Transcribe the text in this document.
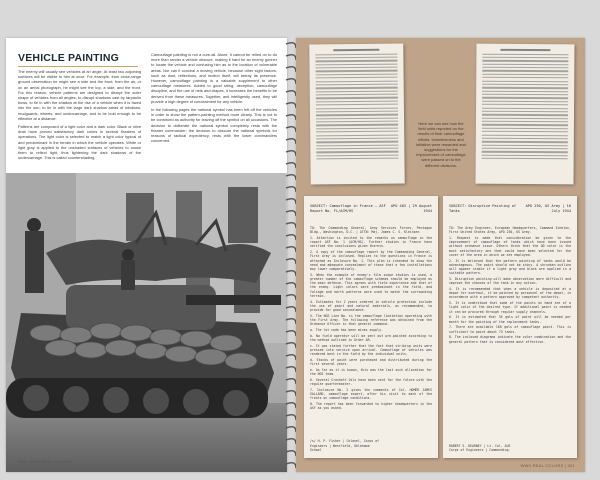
VEHICLE PAINTING

The enemy will usually see vehicles at an angle. At least two adjoining surfaces will be visible to him at once. For example, from close-range ground observation he might see a side and the front; from the air, or on an aerial photograph, he might see the top, a side, and the front. For this reason, vehicle patterns are designed to disrupt the outer shape of vehicles from all angles, to disrupt shadows cast by tarpaulin bows, to tie in with the shadow at the rise of a vehicle when it is faced into the sun, to tie in with the large dark shadow areas of windows, mudguards, wheels, and undercarriage, and to be bold enough to be effective at a distance.

Patterns are composed of a light color and a dark color. Black or olive drab have proved satisfactory dark colors in several theaters of operations. The light color is selected to match a light color typical of and predominant in the terrain in which the vehicle operates. White or light gray is applied to the unshaded surfaces of vehicles to cause them to reflect light, thus lightening the dark shadows of the undercarriage. This is called countershading.

Camouflage painting is not a cure-all. Alone, it cannot be relied on to do more than render a vehicle obscure, making it hard for an enemy gunner to locate the vehicle and confusing him as to the location of vulnerable areas. Nor can it conceal a moving vehicle, because other sight factors, such as dust, reflections, and motion itself, will betray its presence. However, camouflage painting is a valuable supplement to other camouflage measures. Added to good siting, deception, camouflage discipline, and the use of nets and drapes, it increases the benefits to be derived from these measures. Together, and intelligently used, they will provide a high degree of concealment for any vehicle.

In the following pages the national symbol has been left off the vehicles in order to show the pattern-painting method more clearly. This is not to be construed as authority for leaving off the symbol on all occasions. The decision to obliterate the national symbol completely rests with the theater commander; the decision to obscure the national symbols for reasons of tactical expediency, rests with the lower commanders concerned.

300 | WWII REAL COLORS

Here we can see how the field units reported on the results of their camouflage efforts. Inventiveness and initiative were rewarded and suggestions for the improvement of camouflage were passed on to the different divisions.

SUBJECT: Camouflage in France – ASF Report No. FL/ACM/HS
APO 403 | 29 August 1944

TO: The Commanding General, Army Services Forces, Pentagon Bldg., Washington, D.C. | ATTN: Maj. James C. S. Kleinsen

1. Attention is invited to the remarks on camouflage in the report ASF No. 1 (ACM/HS). Further studies in France have verified the conclusions given therein.

2. A copy of the camouflage report by the Commanding General, First Army is inclosed. Replies to the questions in France is attached as Inclosure No. 1. This plan is intended to show the need and adequate concealment of those that a few installations may lower comparatively.

3. When the example of enemy's film scope studies is used, a greater number of the camouflage schemes should be employed as the main defense. This agrees with field experience and that of the enemy. Light colors were predominant in the field, and foliage and earth patterns were used to match the surrounding terrain.

4. Estimates for 2 years ordered in vehicle protection include the use of paint and natural materials, as recommended, to provide for good concealment.

5. The NGS Line No. is the camouflage limitation operating with the First Army. The following reference was obtained from the Ordnance Officer in that general command.

a. The lot code has been mixes supply.

b. No field operator will be sent out pre-painted according to the method outlined in Order AR.

c. It was stated further that the fact that striking units were pressed into service upon arrival. Camouflage of vehicles was rendered best in the field by the individual units.

d. Stocks of paint were purchased and distributed during the first several years.

e. As far as it is known, this was the last such allocation for the NGS team.

6. Several Crockett Oils have been sent for the future with the regular quartermaster.

7. Inclosure No. 2 gives the comments of Col. HOMER JAMES SALLARD, camouflage expert, after his visit to each of the fronts on camouflage conditions.

8. The report has been forwarded to higher headquarters in the ASF as you asked.

/s/ H. P. Fisher | Colonel, Corps of Engineers | Westfield, Oklahoma School
SUBJECT: Disruptive Painting of Tanks
APO 230, US Army | 16 July 1944

TO: The Army Engineer, European Headquarters, Command Echelon, First United States Army, APO 230, US Army.

1. Request is made that consideration be given to the improvement of camouflage of tanks which have been issued without ordnance issue. Others think that the OD color is the most satisfactory one that could have been selected for the cover of the area in which we are employed.

2. It is believed that the pattern painting of tanks would be advantageous. The paint should not be shiny. A shrunken outline will appear stable if a light gray and black are applied in a suitable pattern.

3. Disruptive painting will make observation more difficult and improve the chances of the tank in any action.

4. It is recommended that when a vehicle is deposited at a depot for overhaul, it be painted by personnel of the depot, in accordance with a pattern approved by competent authority.

5. It is understood that some of the paints on hand are of a light color of the desired type. If additional paint is needed it can be procured through regular supply channels.

6. It is estimated that 35 gals of paint will be needed per month for the painting of the replacement tanks.

7. There are available 160 gals of camouflage paint. This is sufficient to paint about 75 tanks.

8. The inclosed diagrams indicate the color combination and the general pattern that is considered most effective.

ROBERT S. KEARNEY | Lt. Col. AUS Corps of Engineers | Commanding.
WWII REAL COLORS | 301
